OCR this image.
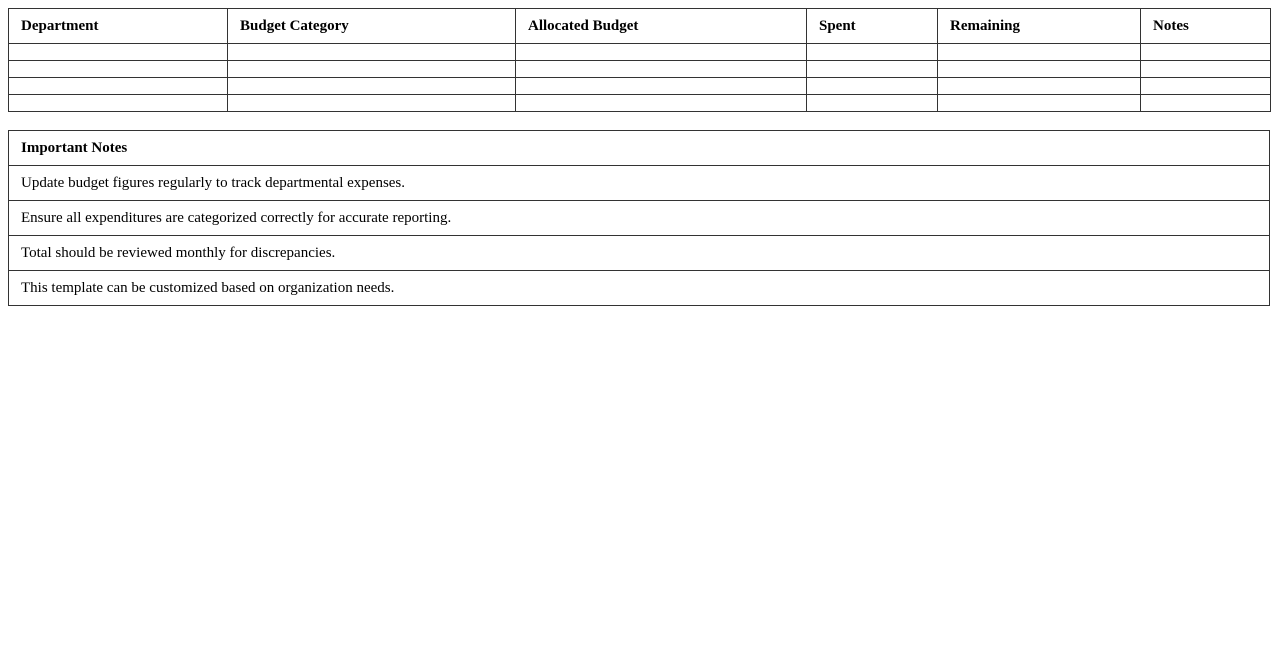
Department	Budget Category	Allocated Budget	Spent	Remaining	Notes

Important Notes
Update budget figures regularly to track departmental expenses.
Ensure all expenditures are categorized correctly for accurate reporting.
Total should be reviewed monthly for discrepancies.
This template can be customized based on organization needs.
